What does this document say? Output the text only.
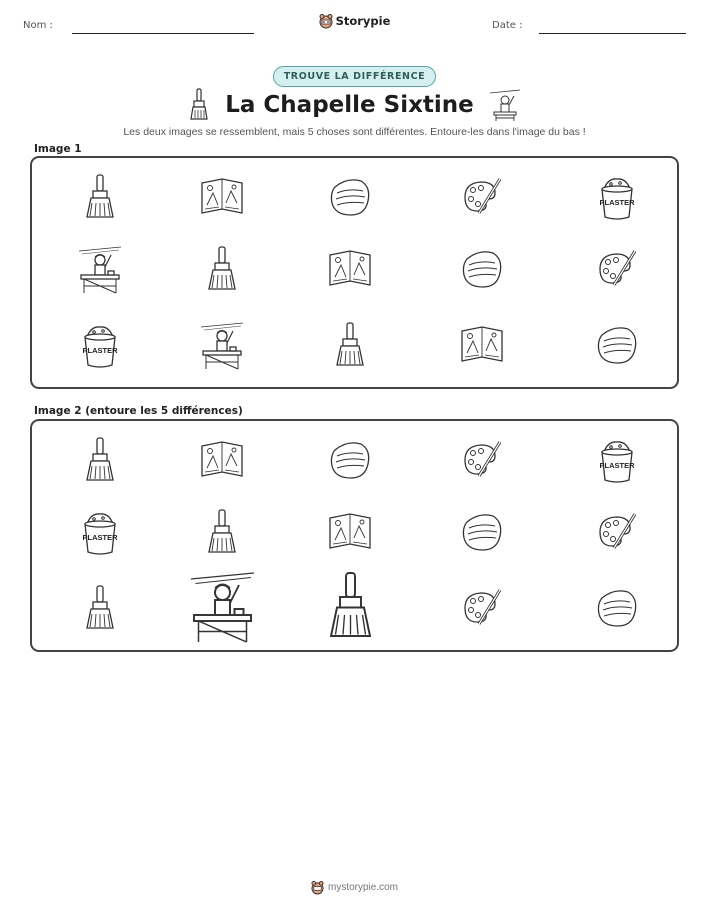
Nom :	Storypie	Date :
TROUVE LA DIFFÉRENCE
La Chapelle Sixtine
Les deux images se ressemblent, mais 5 choses sont différentes. Entoure-les dans l'image du bas !
Image 1
PLASTER
PLASTER
Image 2 (entoure les 5 différences)
PLASTER
PLASTER
mystorypie.com
